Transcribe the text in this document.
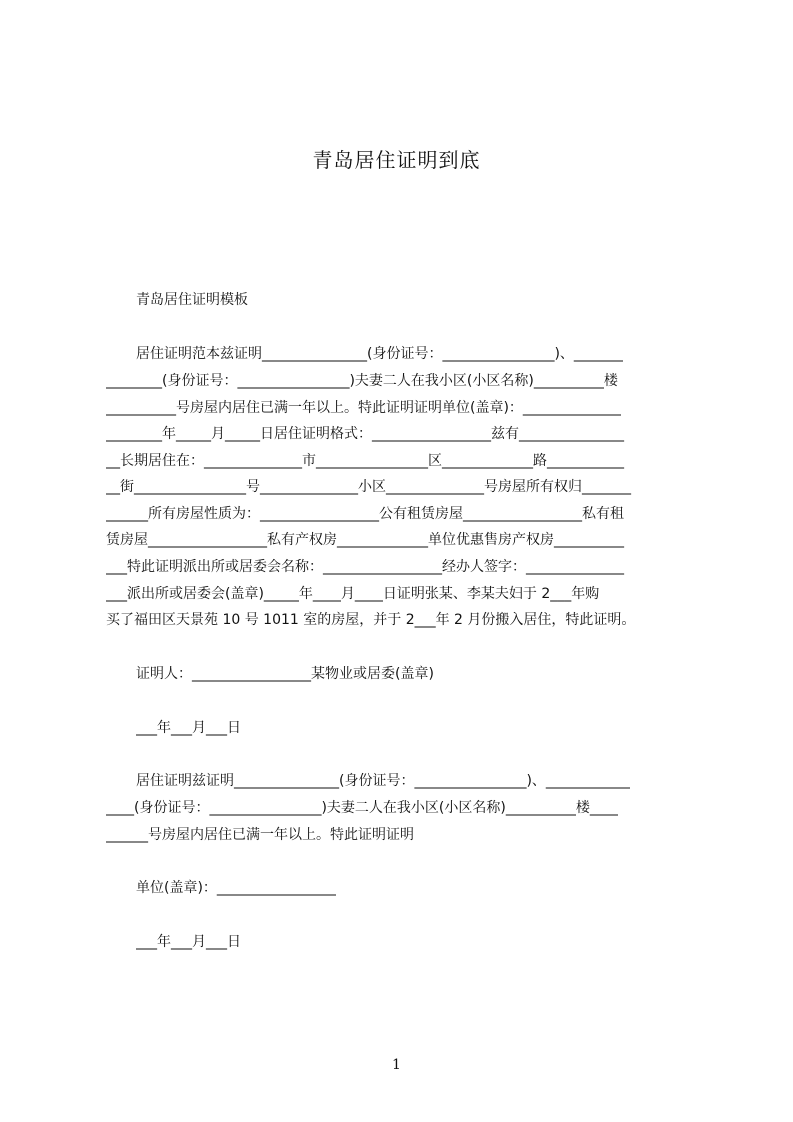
青岛居住证明到底
青岛居住证明模板
居住证明范本兹证明_______________(身份证号：________________)、_______
________(身份证号：________________)夫妻二人在我小区(小区名称)__________楼
__________号房屋内居住已满一年以上。特此证明证明单位(盖章)：______________
________年_____月_____日居住证明格式：_________________兹有_______________
__长期居住在：______________市________________区_____________路___________
__街________________号______________小区______________号房屋所有权归_______
______所有房屋性质为：_________________公有租赁房屋_________________私有租
赁房屋_________________私有产权房_____________单位优惠售房产权房__________
___特此证明派出所或居委会名称：_________________经办人签字：______________
___派出所或居委会(盖章)_____年____月____日证明张某、李某夫妇于 2___年购
买了福田区天景苑 10 号 1011 室的房屋，并于 2___年 2 月份搬入居住，特此证明。
证明人：_________________某物业或居委(盖章)
___年___月___日
居住证明兹证明_______________(身份证号：________________)、____________
____(身份证号：________________)夫妻二人在我小区(小区名称)__________楼____
______号房屋内居住已满一年以上。特此证明证明
单位(盖章)：_________________
___年___月___日
1
